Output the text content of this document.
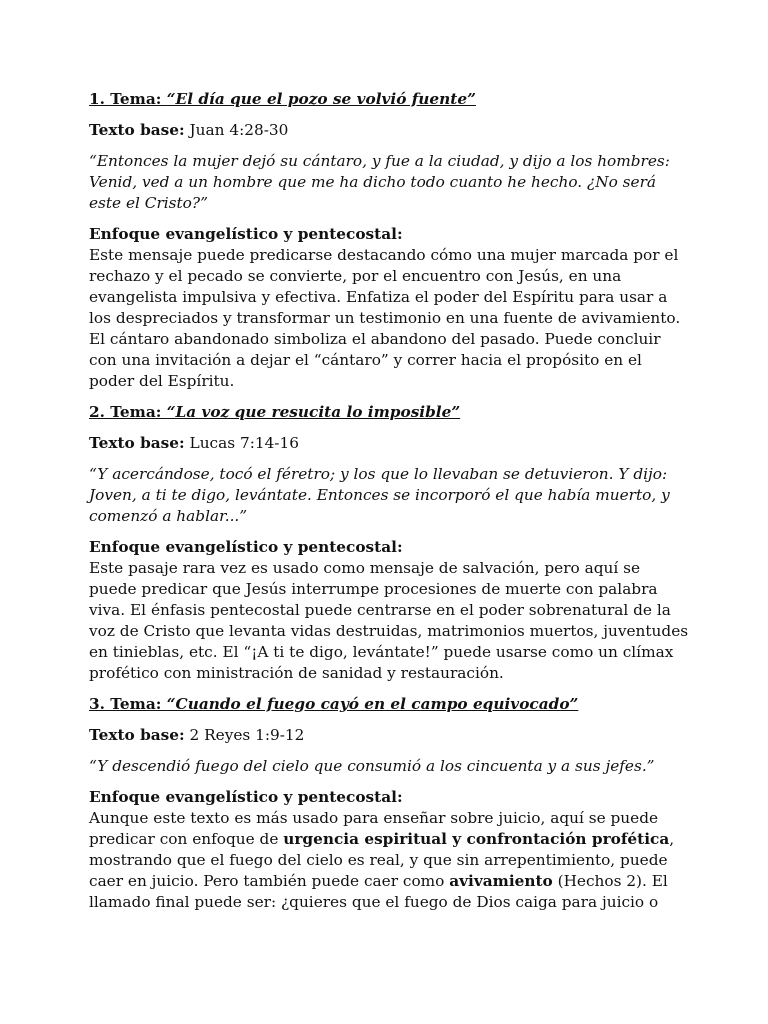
1. Tema: “El día que el pozo se volvió fuente”

Texto base: Juan 4:28-30

“Entonces la mujer dejó su cántaro, y fue a la ciudad, y dijo a los hombres: Venid, ved a un hombre que me ha dicho todo cuanto he hecho. ¿No será este el Cristo?”

Enfoque evangelístico y pentecostal:
Este mensaje puede predicarse destacando cómo una mujer marcada por el rechazo y el pecado se convierte, por el encuentro con Jesús, en una evangelista impulsiva y efectiva. Enfatiza el poder del Espíritu para usar a los despreciados y transformar un testimonio en una fuente de avivamiento. El cántaro abandonado simboliza el abandono del pasado. Puede concluir con una invitación a dejar el “cántaro” y correr hacia el propósito en el poder del Espíritu.

2. Tema: “La voz que resucita lo imposible”

Texto base: Lucas 7:14-16

“Y acercándose, tocó el féretro; y los que lo llevaban se detuvieron. Y dijo: Joven, a ti te digo, levántate. Entonces se incorporó el que había muerto, y comenzó a hablar...”

Enfoque evangelístico y pentecostal:
Este pasaje rara vez es usado como mensaje de salvación, pero aquí se puede predicar que Jesús interrumpe procesiones de muerte con palabra viva. El énfasis pentecostal puede centrarse en el poder sobrenatural de la voz de Cristo que levanta vidas destruidas, matrimonios muertos, juventudes en tinieblas, etc. El “¡A ti te digo, levántate!” puede usarse como un clímax profético con ministración de sanidad y restauración.

3. Tema: “Cuando el fuego cayó en el campo equivocado”

Texto base: 2 Reyes 1:9-12

“Y descendió fuego del cielo que consumió a los cincuenta y a sus jefes.”

Enfoque evangelístico y pentecostal:
Aunque este texto es más usado para enseñar sobre juicio, aquí se puede predicar con enfoque de urgencia espiritual y confrontación profética, mostrando que el fuego del cielo es real, y que sin arrepentimiento, puede caer en juicio. Pero también puede caer como avivamiento (Hechos 2). El llamado final puede ser: ¿quieres que el fuego de Dios caiga para juicio o
